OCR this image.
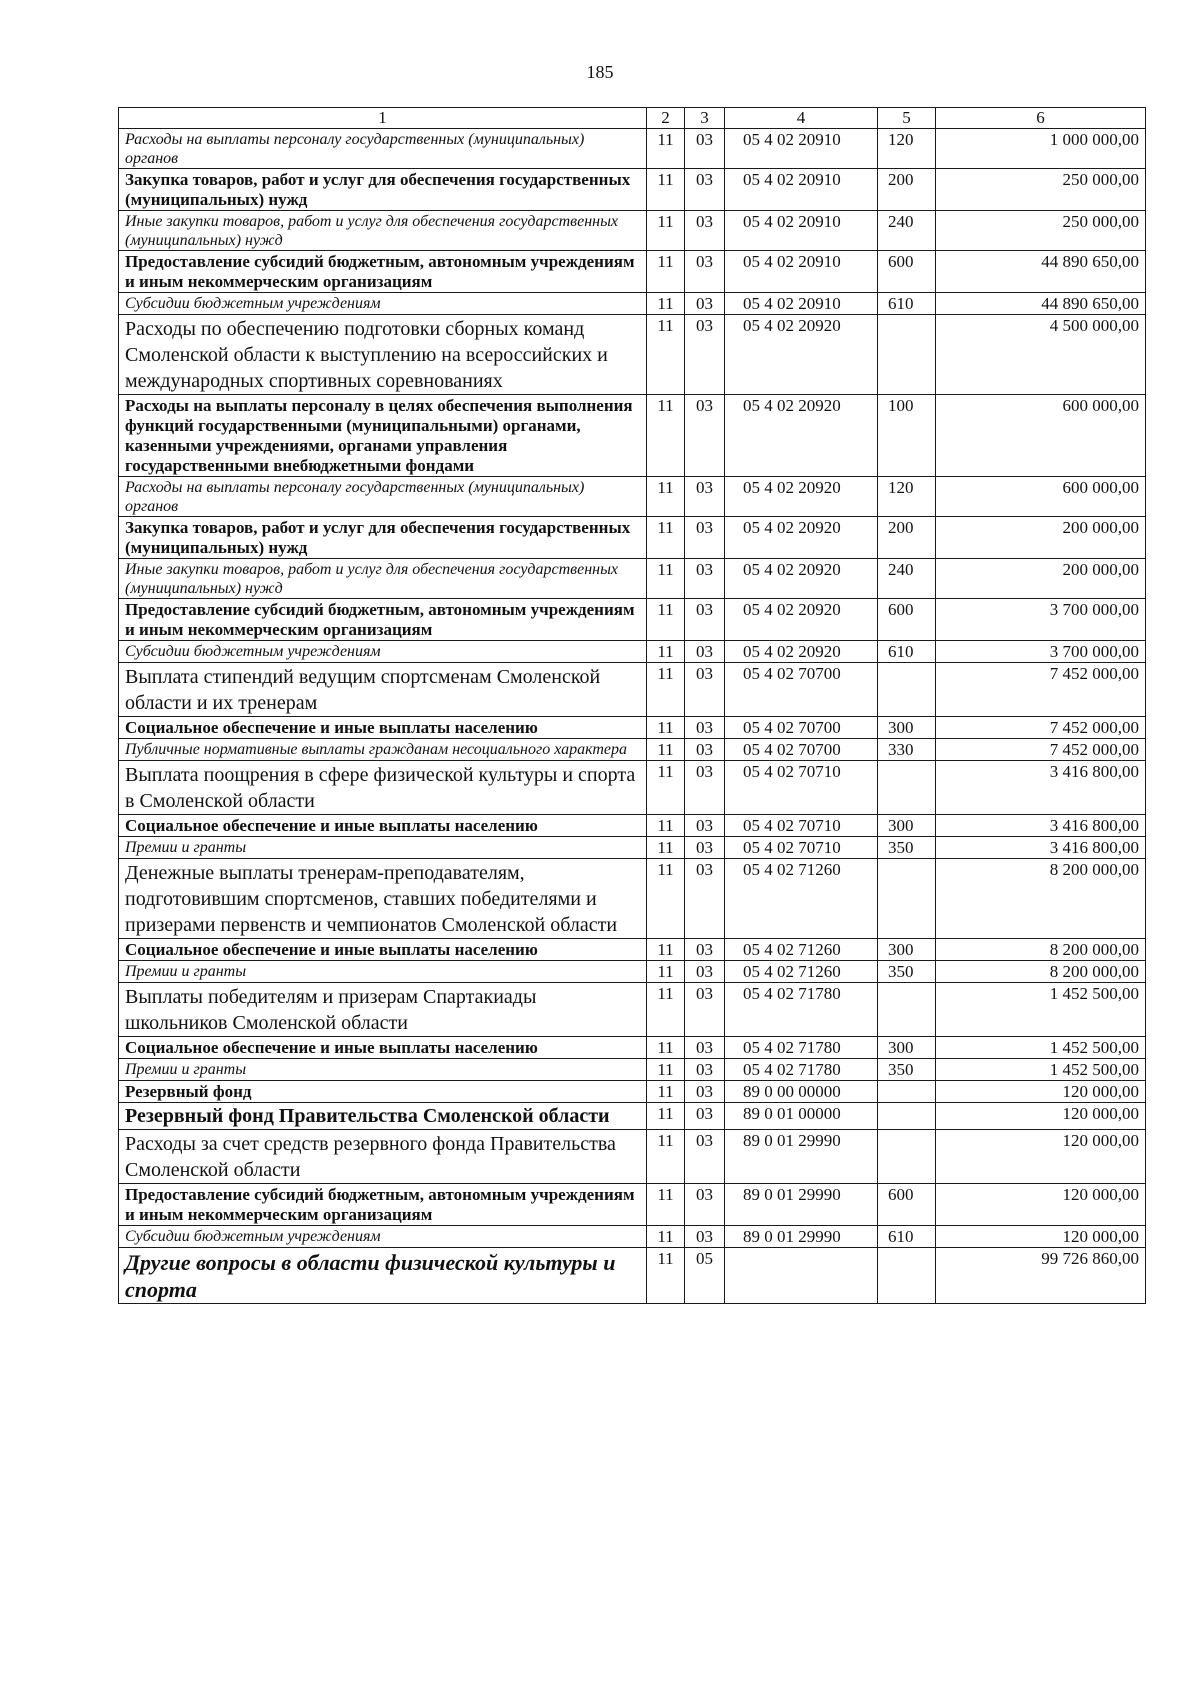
185
1	2	3	4	5	6
Расходы на выплаты персоналу государственных (муниципальных) органов	11	03	05 4 02 20910	120	1 000 000,00
Закупка товаров, работ и услуг для обеспечения государственных (муниципальных) нужд	11	03	05 4 02 20910	200	250 000,00
Иные закупки товаров, работ и услуг для обеспечения государственных (муниципальных) нужд	11	03	05 4 02 20910	240	250 000,00
Предоставление субсидий бюджетным, автономным учреждениям и иным некоммерческим организациям	11	03	05 4 02 20910	600	44 890 650,00
Субсидии бюджетным учреждениям	11	03	05 4 02 20910	610	44 890 650,00
Расходы по обеспечению подготовки сборных команд Смоленской области к выступлению на всероссийских и международных спортивных соревнованиях	11	03	05 4 02 20920		4 500 000,00
Расходы на выплаты персоналу в целях обеспечения выполнения функций государственными (муниципальными) органами, казенными учреждениями, органами управления государственными внебюджетными фондами	11	03	05 4 02 20920	100	600 000,00
Расходы на выплаты персоналу государственных (муниципальных) органов	11	03	05 4 02 20920	120	600 000,00
Закупка товаров, работ и услуг для обеспечения государственных (муниципальных) нужд	11	03	05 4 02 20920	200	200 000,00
Иные закупки товаров, работ и услуг для обеспечения государственных (муниципальных) нужд	11	03	05 4 02 20920	240	200 000,00
Предоставление субсидий бюджетным, автономным учреждениям и иным некоммерческим организациям	11	03	05 4 02 20920	600	3 700 000,00
Субсидии бюджетным учреждениям	11	03	05 4 02 20920	610	3 700 000,00
Выплата стипендий ведущим спортсменам Смоленской области и их тренерам	11	03	05 4 02 70700		7 452 000,00
Социальное обеспечение и иные выплаты населению	11	03	05 4 02 70700	300	7 452 000,00
Публичные нормативные выплаты гражданам несоциального характера	11	03	05 4 02 70700	330	7 452 000,00
Выплата поощрения в сфере физической культуры и спорта в Смоленской области	11	03	05 4 02 70710		3 416 800,00
Социальное обеспечение и иные выплаты населению	11	03	05 4 02 70710	300	3 416 800,00
Премии и гранты	11	03	05 4 02 70710	350	3 416 800,00
Денежные выплаты тренерам-преподавателям, подготовившим спортсменов, ставших победителями и призерами первенств и чемпионатов Смоленской области	11	03	05 4 02 71260		8 200 000,00
Социальное обеспечение и иные выплаты населению	11	03	05 4 02 71260	300	8 200 000,00
Премии и гранты	11	03	05 4 02 71260	350	8 200 000,00
Выплаты победителям и призерам Спартакиады школьников Смоленской области	11	03	05 4 02 71780		1 452 500,00
Социальное обеспечение и иные выплаты населению	11	03	05 4 02 71780	300	1 452 500,00
Премии и гранты	11	03	05 4 02 71780	350	1 452 500,00
Резервный фонд	11	03	89 0 00 00000		120 000,00
Резервный фонд Правительства Смоленской области	11	03	89 0 01 00000		120 000,00
Расходы за счет средств резервного фонда Правительства Смоленской области	11	03	89 0 01 29990		120 000,00
Предоставление субсидий бюджетным, автономным учреждениям и иным некоммерческим организациям	11	03	89 0 01 29990	600	120 000,00
Субсидии бюджетным учреждениям	11	03	89 0 01 29990	610	120 000,00
Другие вопросы в области физической культуры и спорта	11	05			99 726 860,00
